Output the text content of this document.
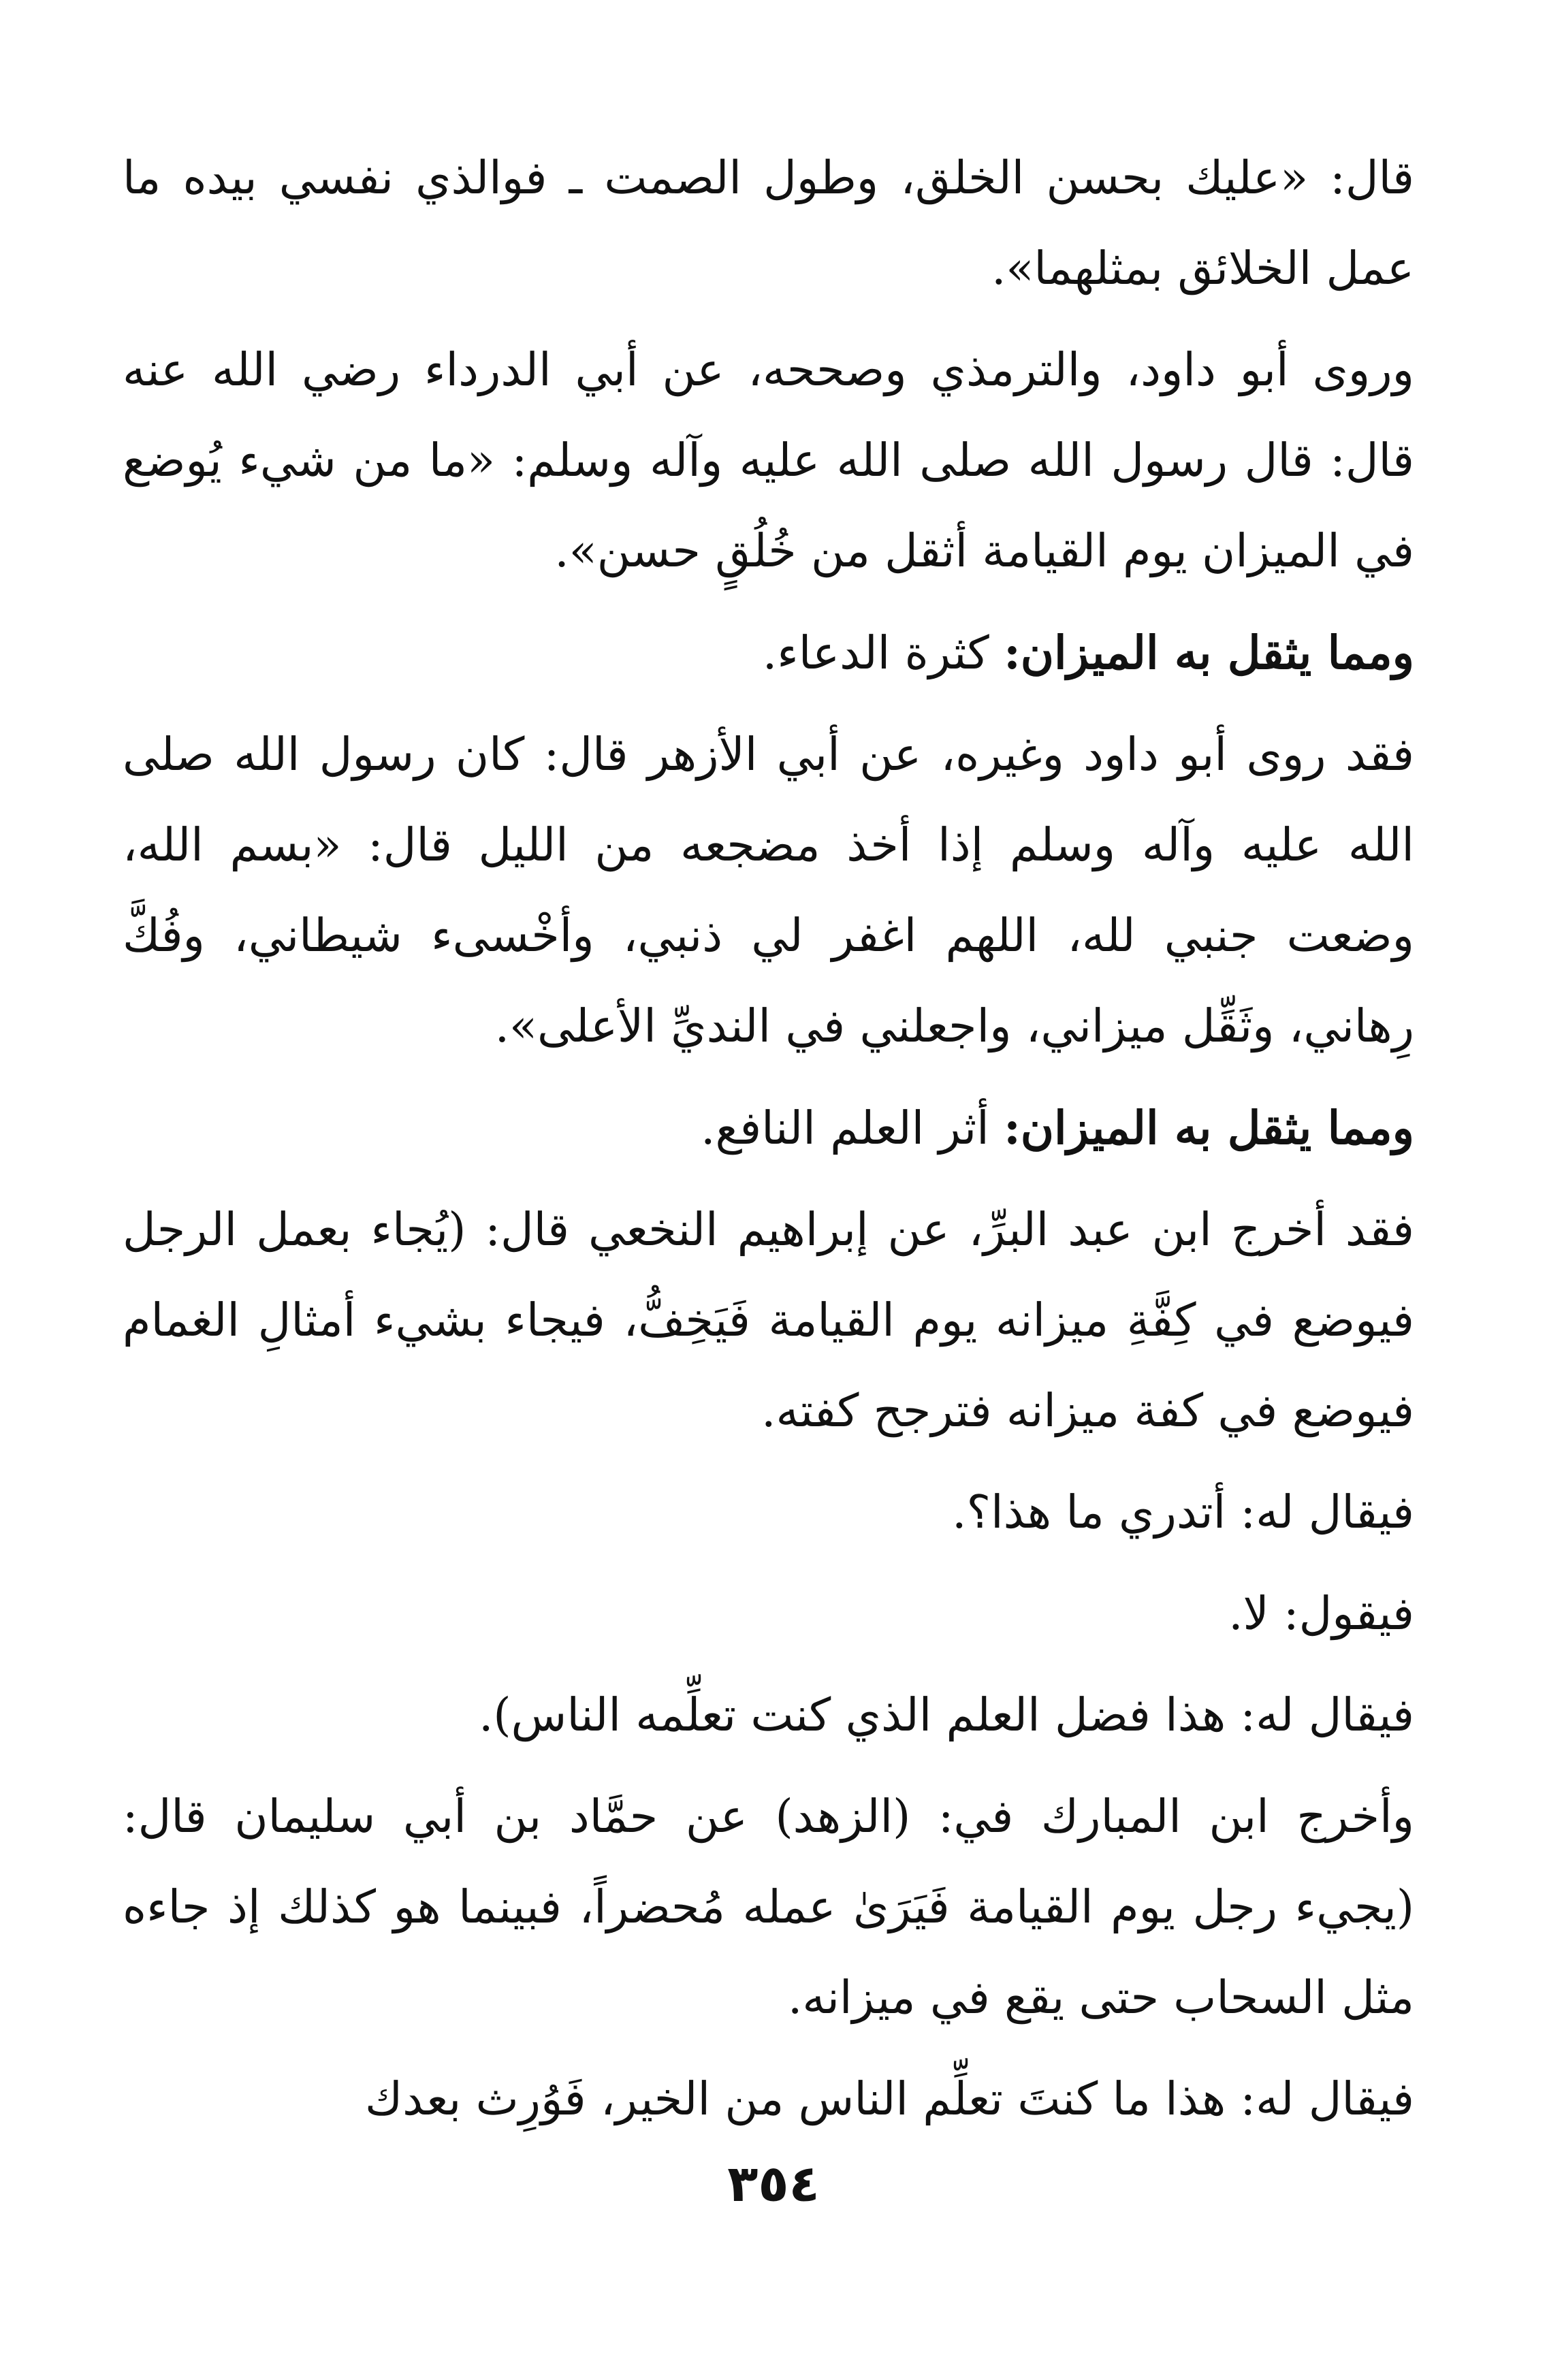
قال: «عليك بحسن الخلق، وطول الصمت ـ فوالذي نفسي بيده ما عمل الخلائق بمثلهما».

وروى أبو داود، والترمذي وصححه، عن أبي الدرداء رضي الله عنه قال: قال رسول الله صلى الله عليه وآله وسلم: «ما من شيء يُوضع في الميزان يوم القيامة أثقل من خُلُقٍ حسن».

ومما يثقل به الميزان: كثرة الدعاء.

فقد روى أبو داود وغيره، عن أبي الأزهر قال: كان رسول الله صلى الله عليه وآله وسلم إذا أخذ مضجعه من الليل قال: «بسم الله، وضعت جنبي لله، اللهم اغفر لي ذنبي، وأخْسىء شيطاني، وفُكَّ رِهاني، وثَقِّل ميزاني، واجعلني في النديِّ الأعلى».

ومما يثقل به الميزان: أثر العلم النافع.

فقد أخرج ابن عبد البرِّ، عن إبراهيم النخعي قال: (يُجاء بعمل الرجل فيوضع في كِفَّةِ ميزانه يوم القيامة فَيَخِفُّ، فيجاء بشيء أمثالِ الغمام فيوضع في كفة ميزانه فترجح كفته.

فيقال له: أتدري ما هذا؟.

فيقول: لا.

فيقال له: هذا فضل العلم الذي كنت تعلِّمه الناس).

وأخرج ابن المبارك في: (الزهد) عن حمَّاد بن أبي سليمان قال: (يجيء رجل يوم القيامة فَيَرَىٰ عمله مُحضراً، فبينما هو كذلك إذ جاءه مثل السحاب حتى يقع في ميزانه.

فيقال له: هذا ما كنتَ تعلِّم الناس من الخير، فَوُرِث بعدك

٣٥٤
